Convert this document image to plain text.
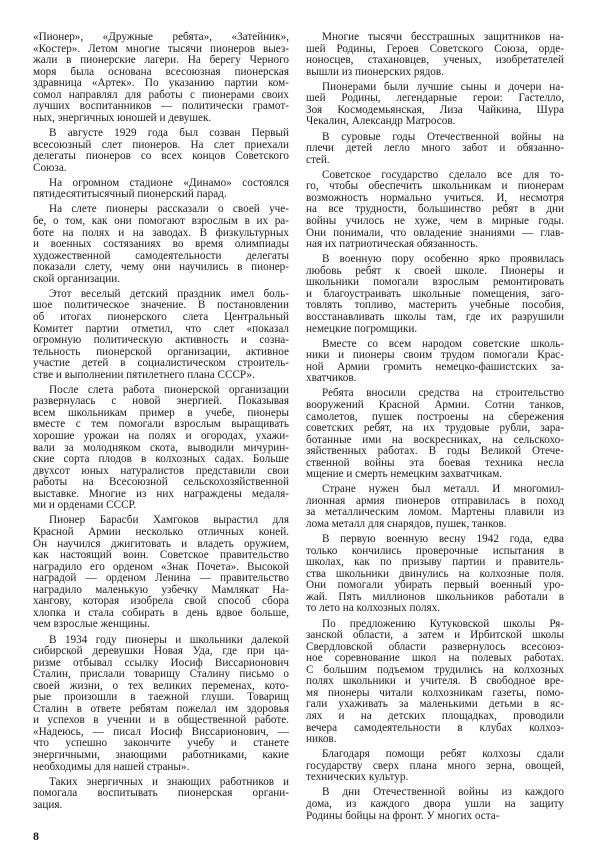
«Пионер», «Дружные ребята», «Затейник»,
«Костер». Летом многие тысячи пионеров выез-
жали в пионерские лагери. На берегу Черного
моря была основана всесоюзная пионерская
здравница «Артек». По указанию партии ком-
сомол направлял для работы с пионерами своих
лучших воспитанников — политически грамот-
ных, энергичных юношей и девушек.
В августе 1929 года был созван Первый
всесоюзный слет пионеров. На слет приехали
делегаты пионеров со всех концов Советского
Союза.
На огромном стадионе «Динамо» состоялся
пятидесятитысячный пионерский парад.
На слете пионеры рассказали о своей уче-
бе, о том, как они помогают взрослым в их ра-
боте на полях и на заводах. В физкультурных
и военных состязаниях во время олимпиады
художественной самодеятельности делегаты
показали слету, чему они научились в пионер-
ской организации.
Этот веселый детский праздник имел боль-
шое политическое значение. В постановлении
об итогах пионерского слета Центральный
Комитет партии отметил, что слет «показал
огромную политическую активность и созна-
тельность пионерской организации, активное
участие детей в социалистическом строитель-
стве и выполнении пятилетнего плана СССР».
После слета работа пионерской организации
развернулась с новой энергией. Показывая
всем школьникам пример в учебе, пионеры
вместе с тем помогали взрослым выращивать
хорошие урожаи на полях и огородах, ухажи-
вали за молодняком скота, выводили мичурин-
ские сорта плодов в колхозных садах. Больше
двухсот юных натуралистов представили свои
работы на Всесоюзной сельскохозяйственной
выставке. Многие из них награждены медаля-
ми и орденами СССР.
Пионер Барасби Хамгоков вырастил для
Красной Армии несколько отличных коней.
Он научился джигитовать и владеть оружием,
как настоящий воин. Советское правительство
наградило его орденом «Знак Почета». Высокой
наградой — орденом Ленина — правительство
наградило маленькую узбечку Мамлякат На-
хангову, которая изобрела свой способ сбора
хлопка и стала собирать в день вдвое больше,
чем взрослые женщины.
В 1934 году пионеры и школьники далекой
сибирской деревушки Новая Уда, где при ца-
ризме отбывал ссылку Иосиф Виссарионович
Сталин, прислали товарищу Сталину письмо о
своей жизни, о тех великих переменах, кото-
рые произошли в таежной глуши. Товарищ
Сталин в ответе ребятам пожелал им здоровья
и успехов в учении и в общественной работе.
«Надеюсь, — писал Иосиф Виссарионович, —
что успешно закончите учебу и станете
энергичными, знающими работниками, какие
необходимы для нашей страны».
Таких энергичных и знающих работников и
помогала воспитывать пионерская органи-
зация.
Многие тысячи бесстрашных защитников на-
шей Родины, Героев Советского Союза, орде-
ноносцев, стахановцев, ученых, изобретателей
вышли из пионерских рядов.
Пионерами были лучшие сыны и дочери на-
шей Родины, легендарные герои: Гастелло,
Зоя Космодемьянская, Лиза Чайкина, Шура
Чекалин, Александр Матросов.
В суровые годы Отечественной войны на
плечи детей легло много забот и обязанно-
стей.
Советское государство сделало все для то-
го, чтобы обеспечить школьникам и пионерам
возможность нормально учиться. И, несмотря
на все трудности, большинство ребят в дни
войны училось не хуже, чем в мирные годы.
Они понимали, что овладение знаниями — глав-
ная их патриотическая обязанность.
В военную пору особенно ярко проявилась
любовь ребят к своей школе. Пионеры и
школьники помогали взрослым ремонтировать
и благоустраивать школьные помещения, заго-
товлять топливо, мастерить учебные пособия,
восстанавливать школы там, где их разрушили
немецкие погромщики.
Вместе со всем народом советские школь-
ники и пионеры своим трудом помогали Крас-
ной Армии громить немецко-фашистских за-
хватчиков.
Ребята вносили средства на строительство
вооружений Красной Армии. Сотни танков,
самолетов, пушек построены на сбережения
советских ребят, на их трудовые рубли, зара-
ботанные ими на воскресниках, на сельскохо-
зяйственных работах. В годы Великой Отече-
ственной войны эта боевая техника несла
мщение и смерть немецким захватчикам.
Стране нужен был металл. И многомил-
лионная армия пионеров отправилась в поход
за металлическим ломом. Мартены плавили из
лома металл для снарядов, пушек, танков.
В первую военную весну 1942 года, едва
только кончились проверочные испытания в
школах, как по призыву партии и правитель-
ства школьники двинулись на колхозные поля.
Они помогали убирать первый военный уро-
жай. Пять миллионов школьников работали в
то лето на колхозных полях.
По предложению Кутуковской школы Ря-
занской области, а затем и Ирбитской школы
Свердловской области развернулось всесоюз-
ное соревнование школ на полевых работах.
С большим подъемом трудились на колхозных
полях школьники и учителя. В свободное вре-
мя пионеры читали колхозникам газеты, помо-
гали ухаживать за маленькими детьми в яс-
лях и на детских площадках, проводили
вечера самодеятельности в клубах колхоз-
ников.
Благодаря помощи ребят колхозы сдали
государству сверх плана много зерна, овощей,
технических культур.
В дни Отечественной войны из каждого
дома, из каждого двора ушли на защиту
Родины бойцы на фронт. У многих оста-
8
